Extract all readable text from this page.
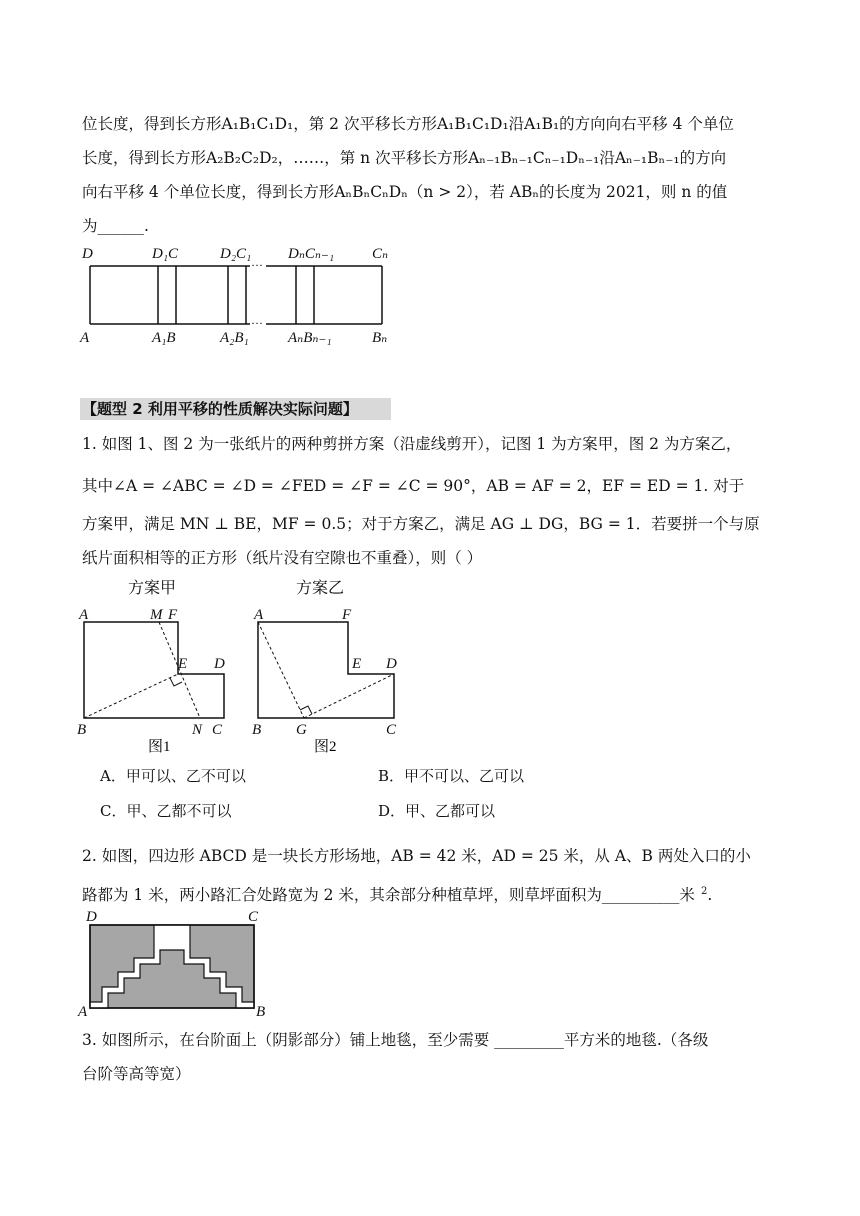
位长度，得到长方形A₁B₁C₁D₁，第 2 次平移长方形A₁B₁C₁D₁沿A₁B₁的方向向右平移 4 个单位
长度，得到长方形A₂B₂C₂D₂，……，第 n 次平移长方形Aₙ₋₁Bₙ₋₁Cₙ₋₁Dₙ₋₁沿Aₙ₋₁Bₙ₋₁的方向
向右平移 4 个单位长度，得到长方形AₙBₙCₙDₙ（n > 2），若 ABₙ的长度为 2021，则 n 的值
为______.
···
···
D	D₁C	D₂C₁ DₙCₙ₋₁	Cₙ
A	A₁B	A₂B₁	AₙBₙ₋₁	Bₙ
【题型 2 利用平移的性质解决实际问题】
1. 如图 1、图 2 为一张纸片的两种剪拼方案（沿虚线剪开），记图 1 为方案甲，图 2 为方案乙，
其中∠A = ∠ABC = ∠D = ∠FED = ∠F = ∠C = 90°，AB = AF = 2，EF = ED = 1. 对于
方案甲，满足 MN ⊥ BE，MF = 0.5；对于方案乙，满足 AG ⊥ DG，BG = 1．若要拼一个与原
纸片面积相等的正方形（纸片没有空隙也不重叠），则（ ）
方案甲	方案乙
A	M F
E D
B	N C
图1
A	F
E D
B G	C
图2
A．甲可以、乙不可以	B．甲不可以、乙可以
C．甲、乙都不可以	D．甲、乙都可以
2. 如图，四边形 ABCD 是一块长方形场地，AB = 42 米，AD = 25 米，从 A、B 两处入口的小
路都为 1 米，两小路汇合处路宽为 2 米，其余部分种植草坪，则草坪面积为__________米 $^2$.
D	C
A	B
3. 如图所示，在台阶面上（阴影部分）铺上地毯，至少需要 _________平方米的地毯.（各级
台阶等高等宽）
